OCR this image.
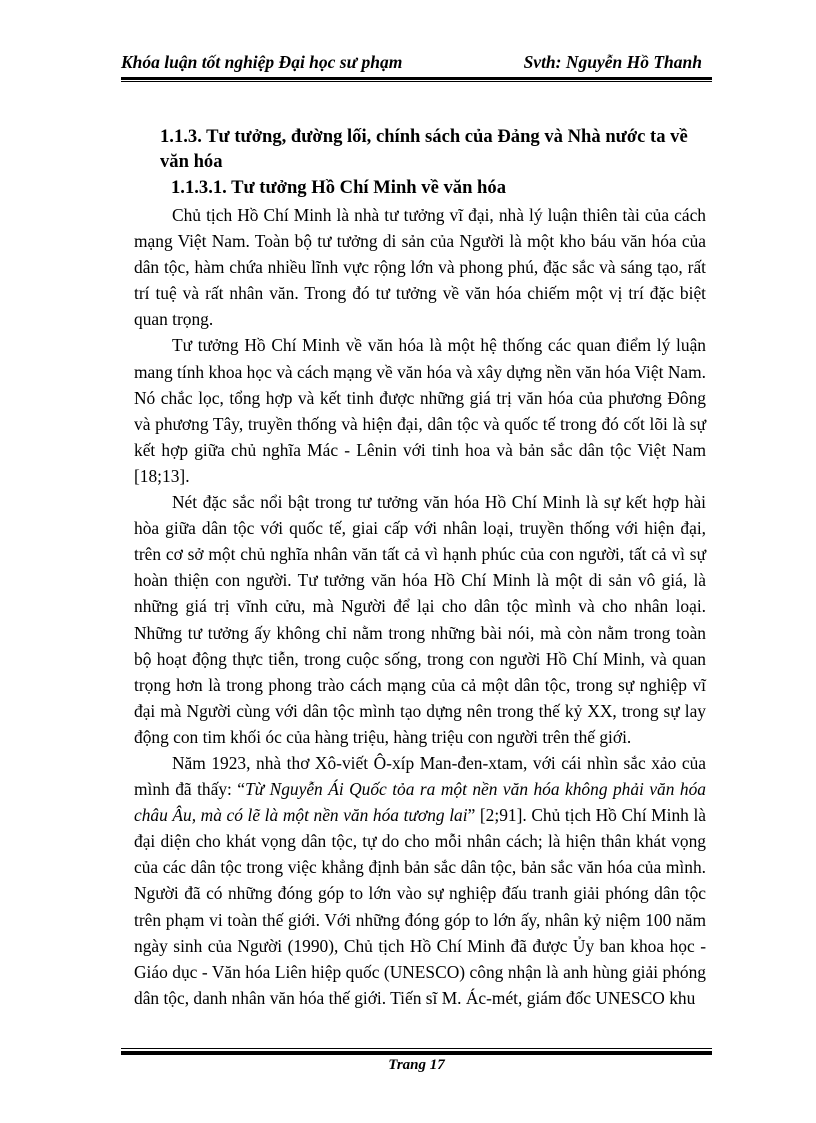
Khóa luận tốt nghiệp Đại học sư phạm	Svth: Nguyễn Hồ Thanh
1.1.3. Tư tưởng, đường lối, chính sách của Đảng và Nhà nước ta về văn hóa
1.1.3.1. Tư tưởng Hồ Chí Minh về văn hóa

Chủ tịch Hồ Chí Minh là nhà tư tưởng vĩ đại, nhà lý luận thiên tài của cách mạng Việt Nam. Toàn bộ tư tưởng di sản của Người là một kho báu văn hóa của dân tộc, hàm chứa nhiều lĩnh vực rộng lớn và phong phú, đặc sắc và sáng tạo, rất trí tuệ và rất nhân văn. Trong đó tư tưởng về văn hóa chiếm một vị trí đặc biệt quan trọng.

Tư tưởng Hồ Chí Minh về văn hóa là một hệ thống các quan điểm lý luận mang tính khoa học và cách mạng về văn hóa và xây dựng nền văn hóa Việt Nam. Nó chắc lọc, tổng hợp và kết tinh được những giá trị văn hóa của phương Đông và phương Tây, truyền thống và hiện đại, dân tộc và quốc tế trong đó cốt lõi là sự kết hợp giữa chủ nghĩa Mác - Lênin với tinh hoa và bản sắc dân tộc Việt Nam [18;13].

Nét đặc sắc nổi bật trong tư tưởng văn hóa Hồ Chí Minh là sự kết hợp hài hòa giữa dân tộc với quốc tế, giai cấp với nhân loại, truyền thống với hiện đại, trên cơ sở một chủ nghĩa nhân văn tất cả vì hạnh phúc của con người, tất cả vì sự hoàn thiện con người. Tư tưởng văn hóa Hồ Chí Minh là một di sản vô giá, là những giá trị vĩnh cửu, mà Người để lại cho dân tộc mình và cho nhân loại. Những tư tưởng ấy không chỉ nằm trong những bài nói, mà còn nằm trong toàn bộ hoạt động thực tiễn, trong cuộc sống, trong con người Hồ Chí Minh, và quan trọng hơn là trong phong trào cách mạng của cả một dân tộc, trong sự nghiệp vĩ đại mà Người cùng với dân tộc mình tạo dựng nên trong thế kỷ XX, trong sự lay động con tim khối óc của hàng triệu, hàng triệu con người trên thế giới.

Năm 1923, nhà thơ Xô-viết Ô-xíp Man-đen-xtam, với cái nhìn sắc xảo của mình đã thấy: “Từ Nguyễn Ái Quốc tỏa ra một nền văn hóa không phải văn hóa châu Âu, mà có lẽ là một nền văn hóa tương lai” [2;91]. Chủ tịch Hồ Chí Minh là đại diện cho khát vọng dân tộc, tự do cho mỗi nhân cách; là hiện thân khát vọng của các dân tộc trong việc khẳng định bản sắc dân tộc, bản sắc văn hóa của mình. Người đã có những đóng góp to lớn vào sự nghiệp đấu tranh giải phóng dân tộc trên phạm vi toàn thế giới. Với những đóng góp to lớn ấy, nhân kỷ niệm 100 năm ngày sinh của Người (1990), Chủ tịch Hồ Chí Minh đã được Ủy ban khoa học - Giáo dục - Văn hóa Liên hiệp quốc (UNESCO) công nhận là anh hùng giải phóng dân tộc, danh nhân văn hóa thế giới. Tiến sĩ M. Ác-mét, giám đốc UNESCO khu

Trang 17
